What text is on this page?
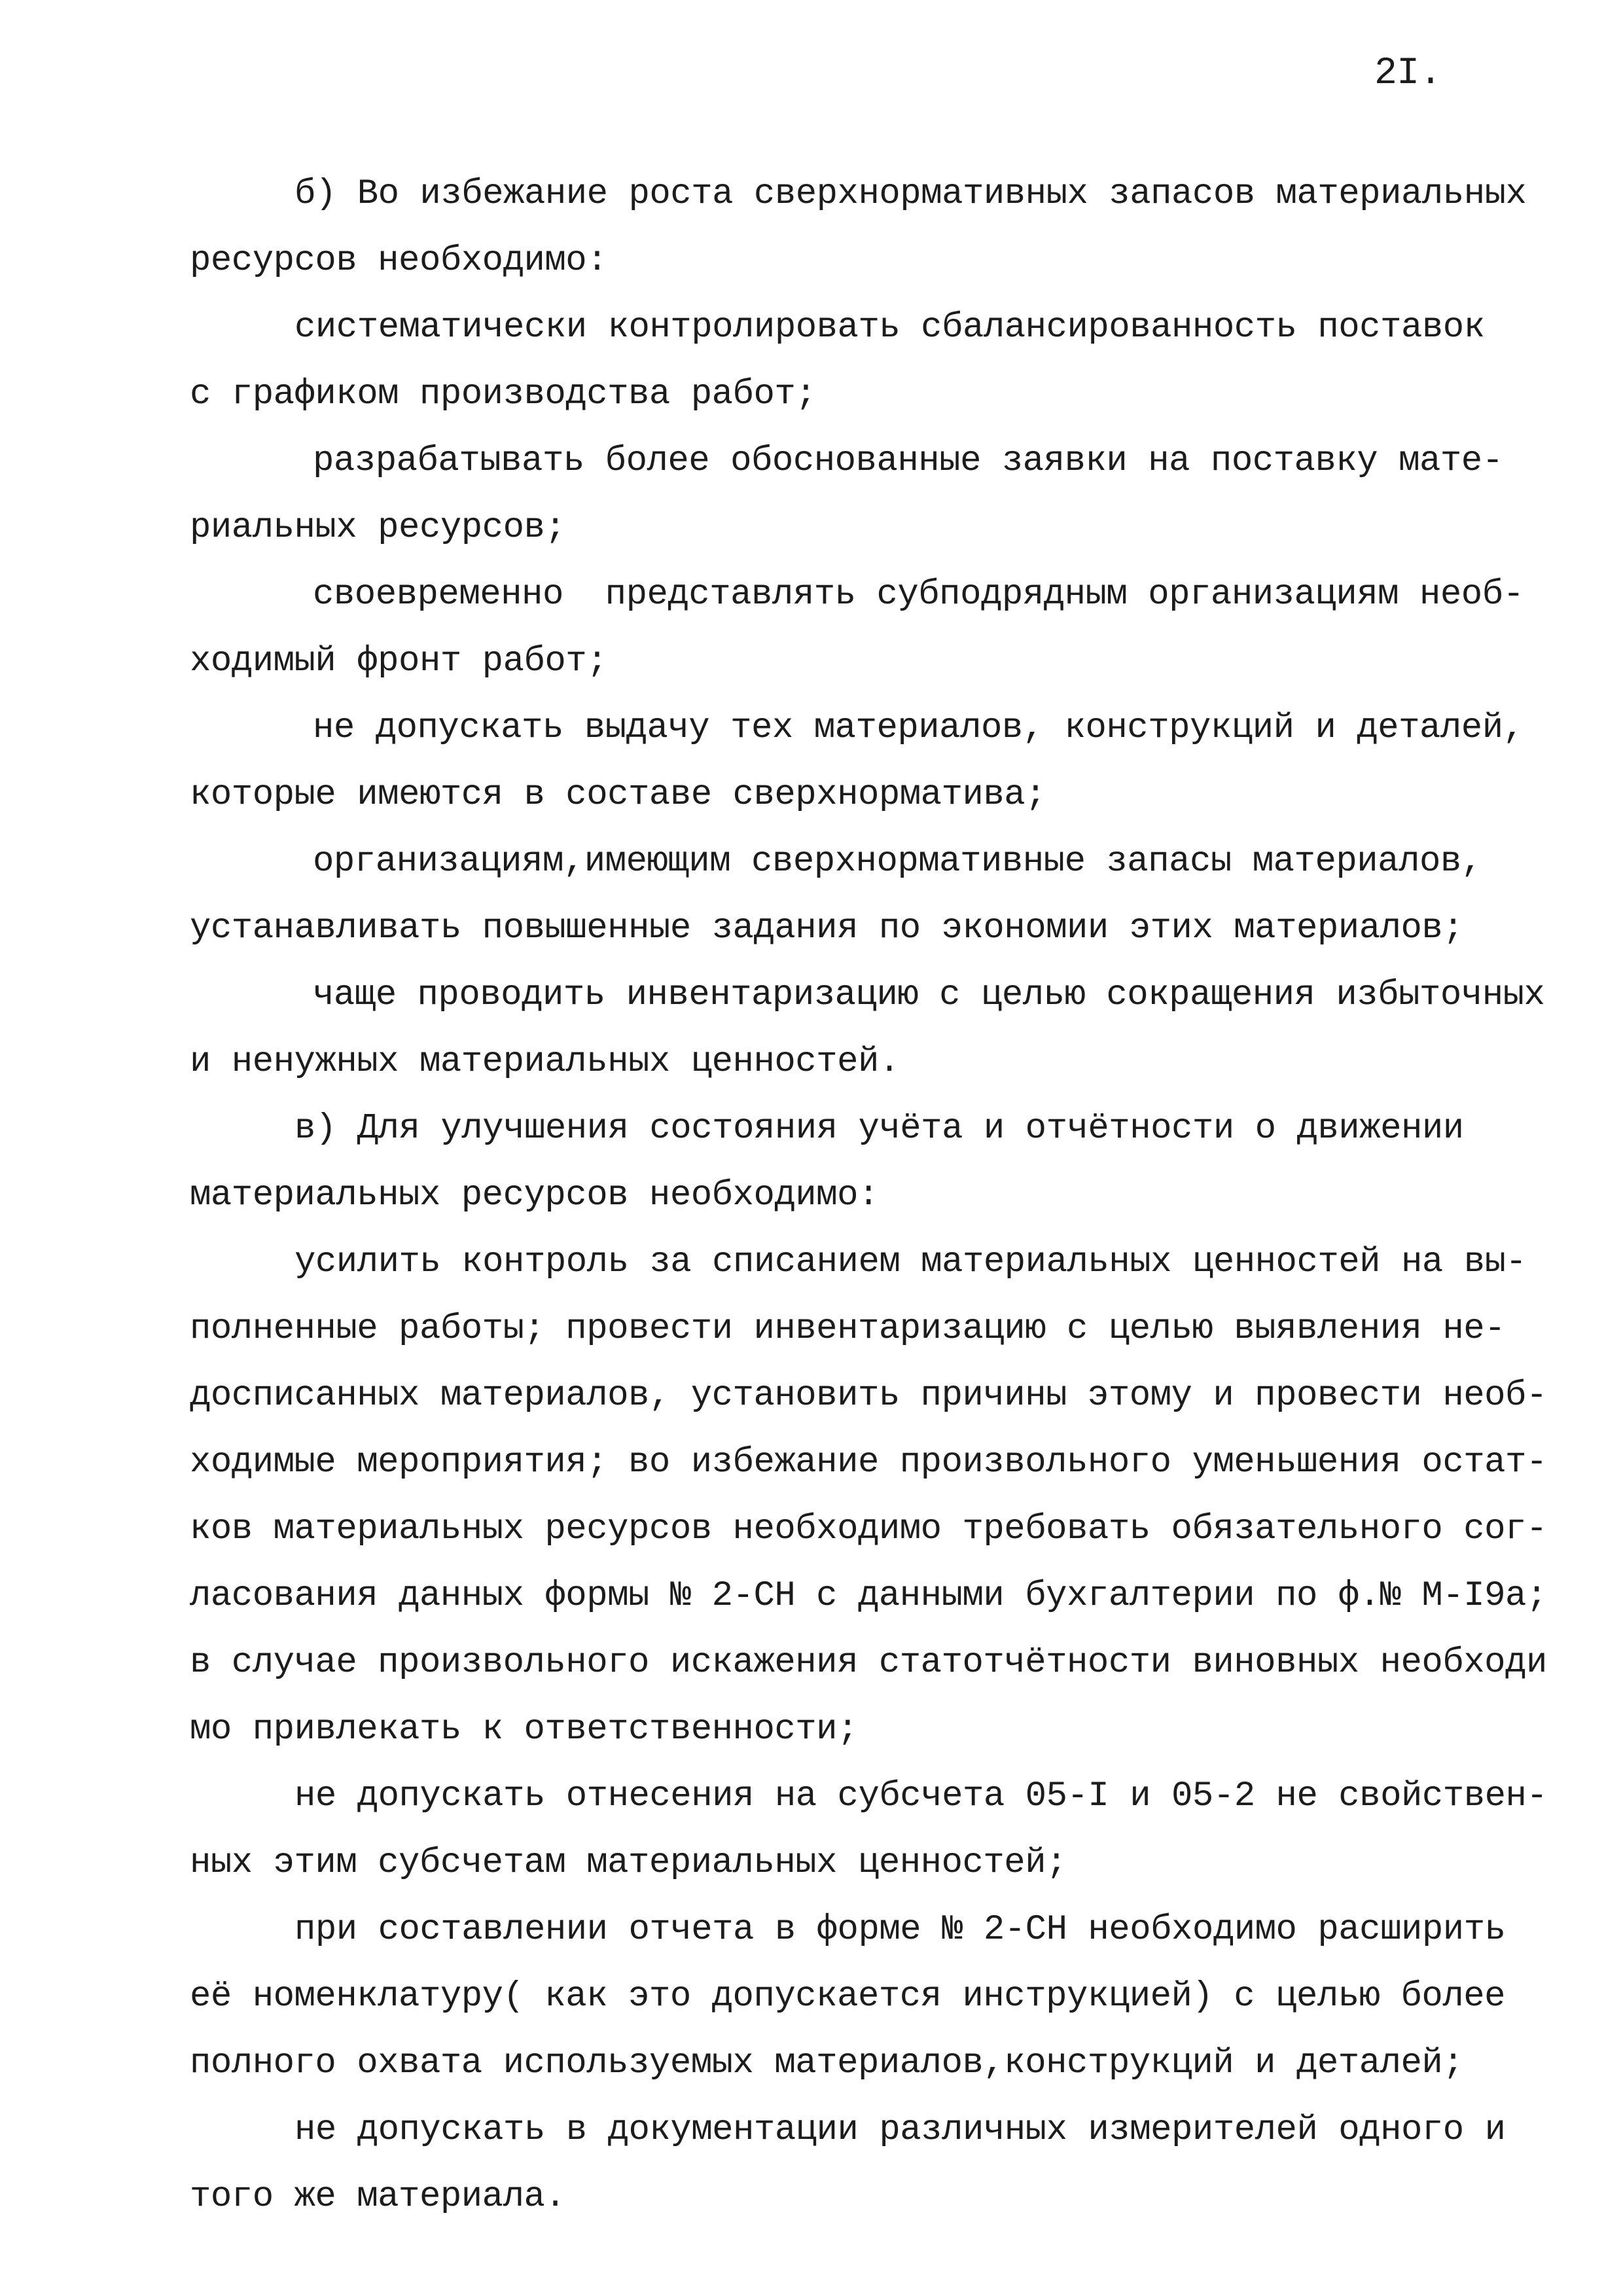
2I.
б) Во избежание роста сверхнормативных запасов материальных
ресурсов необходимо:
систематически контролировать сбалансированность поставок
с графиком производства работ;
разрабатывать более обоснованные заявки на поставку мате-
риальных ресурсов;
своевременно  представлять субподрядным организациям необ-
ходимый фронт работ;
не допускать выдачу тех материалов, конструкций и деталей,
которые имеются в составе сверхнорматива;
организациям,имеющим сверхнормативные запасы материалов,
устанавливать повышенные задания по экономии этих материалов;
чаще проводить инвентаризацию с целью сокращения избыточных
и ненужных материальных ценностей.
в) Для улучшения состояния учёта и отчётности о движении
материальных ресурсов необходимо:
усилить контроль за списанием материальных ценностей на вы-
полненные работы; провести инвентаризацию с целью выявления не-
досписанных материалов, установить причины этому и провести необ-
ходимые мероприятия; во избежание произвольного уменьшения остат-
ков материальных ресурсов необходимо требовать обязательного сог-
ласования данных формы № 2-СН с данными бухгалтерии по ф.№ М-I9а;
в случае произвольного искажения статотчётности виновных необходи
мо привлекать к ответственности;
не допускать отнесения на субсчета 05-I и 05-2 не свойствен-
ных этим субсчетам материальных ценностей;
при составлении отчета в форме № 2-СН необходимо расширить
её номенклатуру( как это допускается инструкцией) с целью более
полного охвата используемых материалов,конструкций и деталей;
не допускать в документации различных измерителей одного и
того же материала.
